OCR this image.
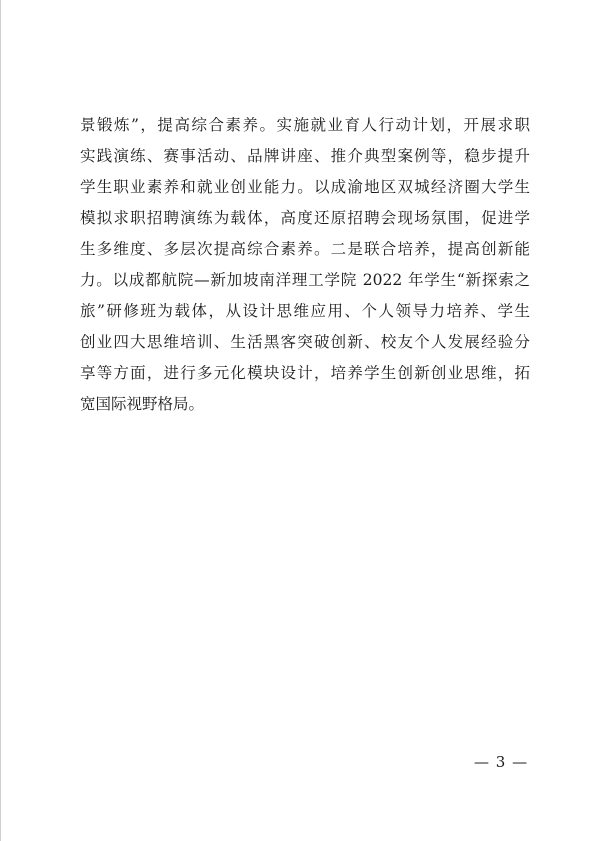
景锻炼”，提高综合素养。实施就业育人行动计划，开展求职
实践演练、赛事活动、品牌讲座、推介典型案例等，稳步提升
学生职业素养和就业创业能力。以成渝地区双城经济圈大学生
模拟求职招聘演练为载体，高度还原招聘会现场氛围，促进学
生多维度、多层次提高综合素养。二是联合培养，提高创新能
力。以成都航院—新加坡南洋理工学院 2022 年学生“新探索之
旅”研修班为载体，从设计思维应用、个人领导力培养、学生
创业四大思维培训、生活黑客突破创新、校友个人发展经验分
享等方面，进行多元化模块设计，培养学生创新创业思维，拓
宽国际视野格局。
— 3 —
